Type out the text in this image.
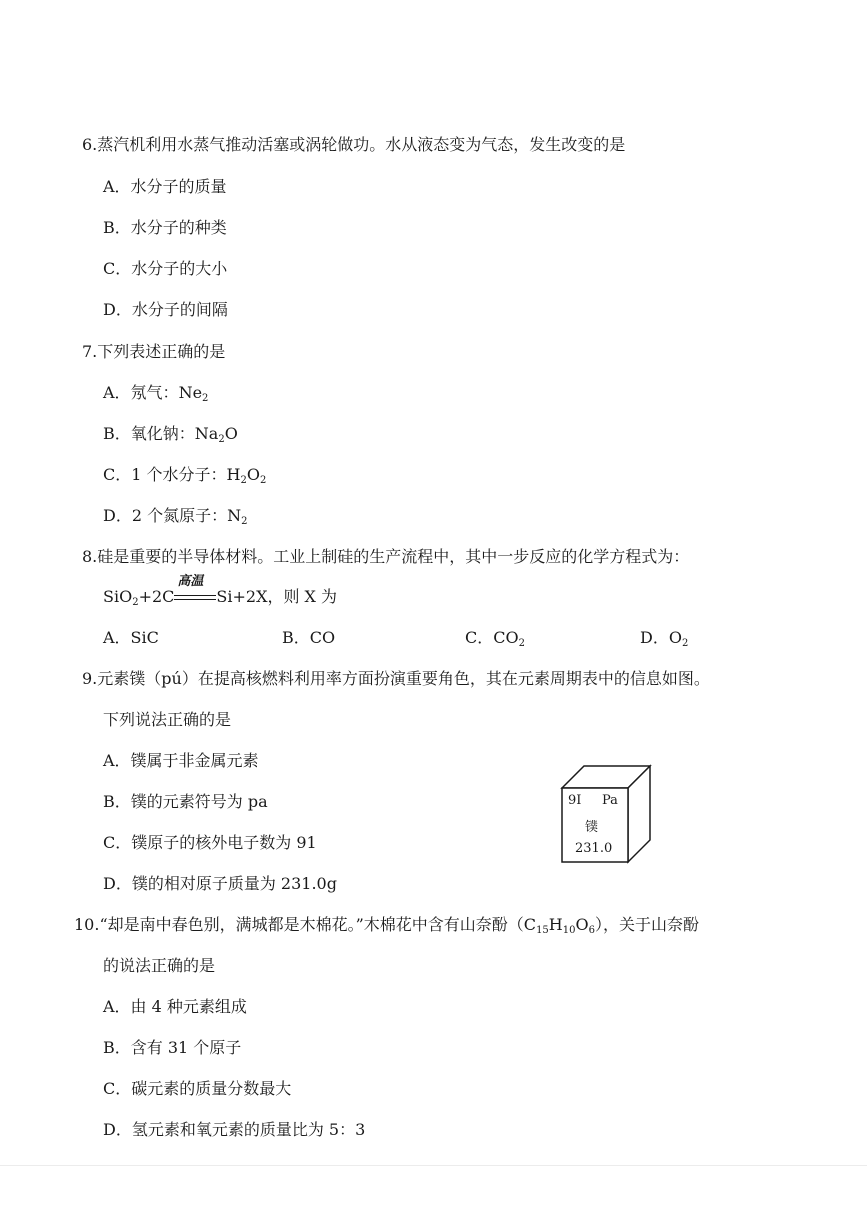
6.蒸汽机利用水蒸气推动活塞或涡轮做功。水从液态变为气态，发生改变的是
A．水分子的质量
B．水分子的种类
C．水分子的大小
D．水分子的间隔
7.下列表述正确的是
A．氖气：$Ne_2$
B．氧化钠：$Na_2O$
C．1 个水分子：$H_2O_2$
D．2 个氮原子：$N_2$
8.硅是重要的半导体材料。工业上制硅的生产流程中，其中一步反应的化学方程式为：
SiO$_2$+2C
高温
Si+2X，则 X 为
A．SiC	B．CO	C．$CO_2$	D．$O_2$
9.元素镤（pú）在提高核燃料利用率方面扮演重要角色，其在元素周期表中的信息如图。
下列说法正确的是
A．镤属于非金属元素
B．镤的元素符号为 pa
C．镤原子的核外电子数为 91
D．镤的相对原子质量为 231.0g
9I Pa
镤
231.0
10.“却是南中春色别，满城都是木棉花。”木棉花中含有山奈酚$(C_{15}H_{10}O_6)$，关于山奈酚
的说法正确的是
A．由 4 种元素组成
B．含有 31 个原子
C．碳元素的质量分数最大
D．氢元素和氧元素的质量比为 5：3
